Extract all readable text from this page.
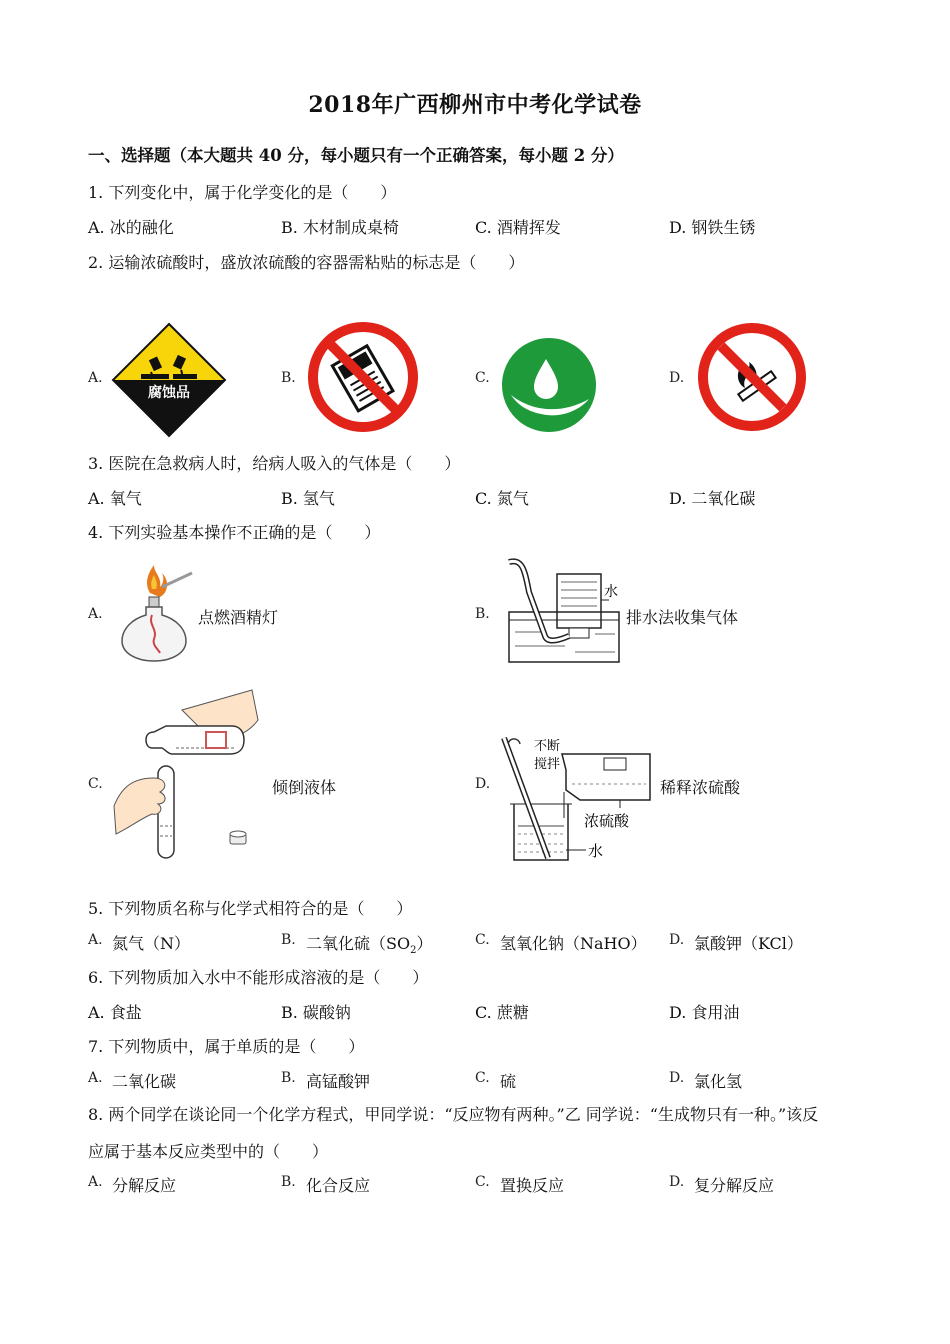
2018年广西柳州市中考化学试卷
一、选择题（本大题共 40 分，每小题只有一个正确答案，每小题 2 分）
1. 下列变化中，属于化学变化的是（　　）
A. 冰的融化	B. 木材制成桌椅	C. 酒精挥发	D. 钢铁生锈
2. 运输浓硫酸时，盛放浓硫酸的容器需粘贴的标志是（　　）
A.	B.	C.	D.
腐蚀品
3. 医院在急救病人时，给病人吸入的气体是（　　）
A. 氧气	B. 氢气	C. 氮气	D. 二氧化碳
4. 下列实验基本操作不正确的是（　　）
A.	点燃酒精灯	B.
水
排水法收集气体
C.	倾倒液体	D.
不断
搅拌
浓硫酸
水
稀释浓硫酸
5. 下列物质名称与化学式相符合的是（　　）
A. 氮气（N）	B. 二氧化硫$(SO_2)$	C. 氢氧化钠（NaHO） D. 氯酸钾（KCl）
6. 下列物质加入水中不能形成溶液的是（　　）
A. 食盐	B. 碳酸钠	C. 蔗糖	D. 食用油
7. 下列物质中，属于单质的是（　　）
A. 二氧化碳	B. 高锰酸钾	C. 硫	D. 氯化氢
8. 两个同学在谈论同一个化学方程式，甲同学说：“反应物有两种。”乙 同学说：“生成物只有一种。”该反
应属于基本反应类型中的（　　）
A. 分解反应	B. 化合反应	C. 置换反应	D. 复分解反应
